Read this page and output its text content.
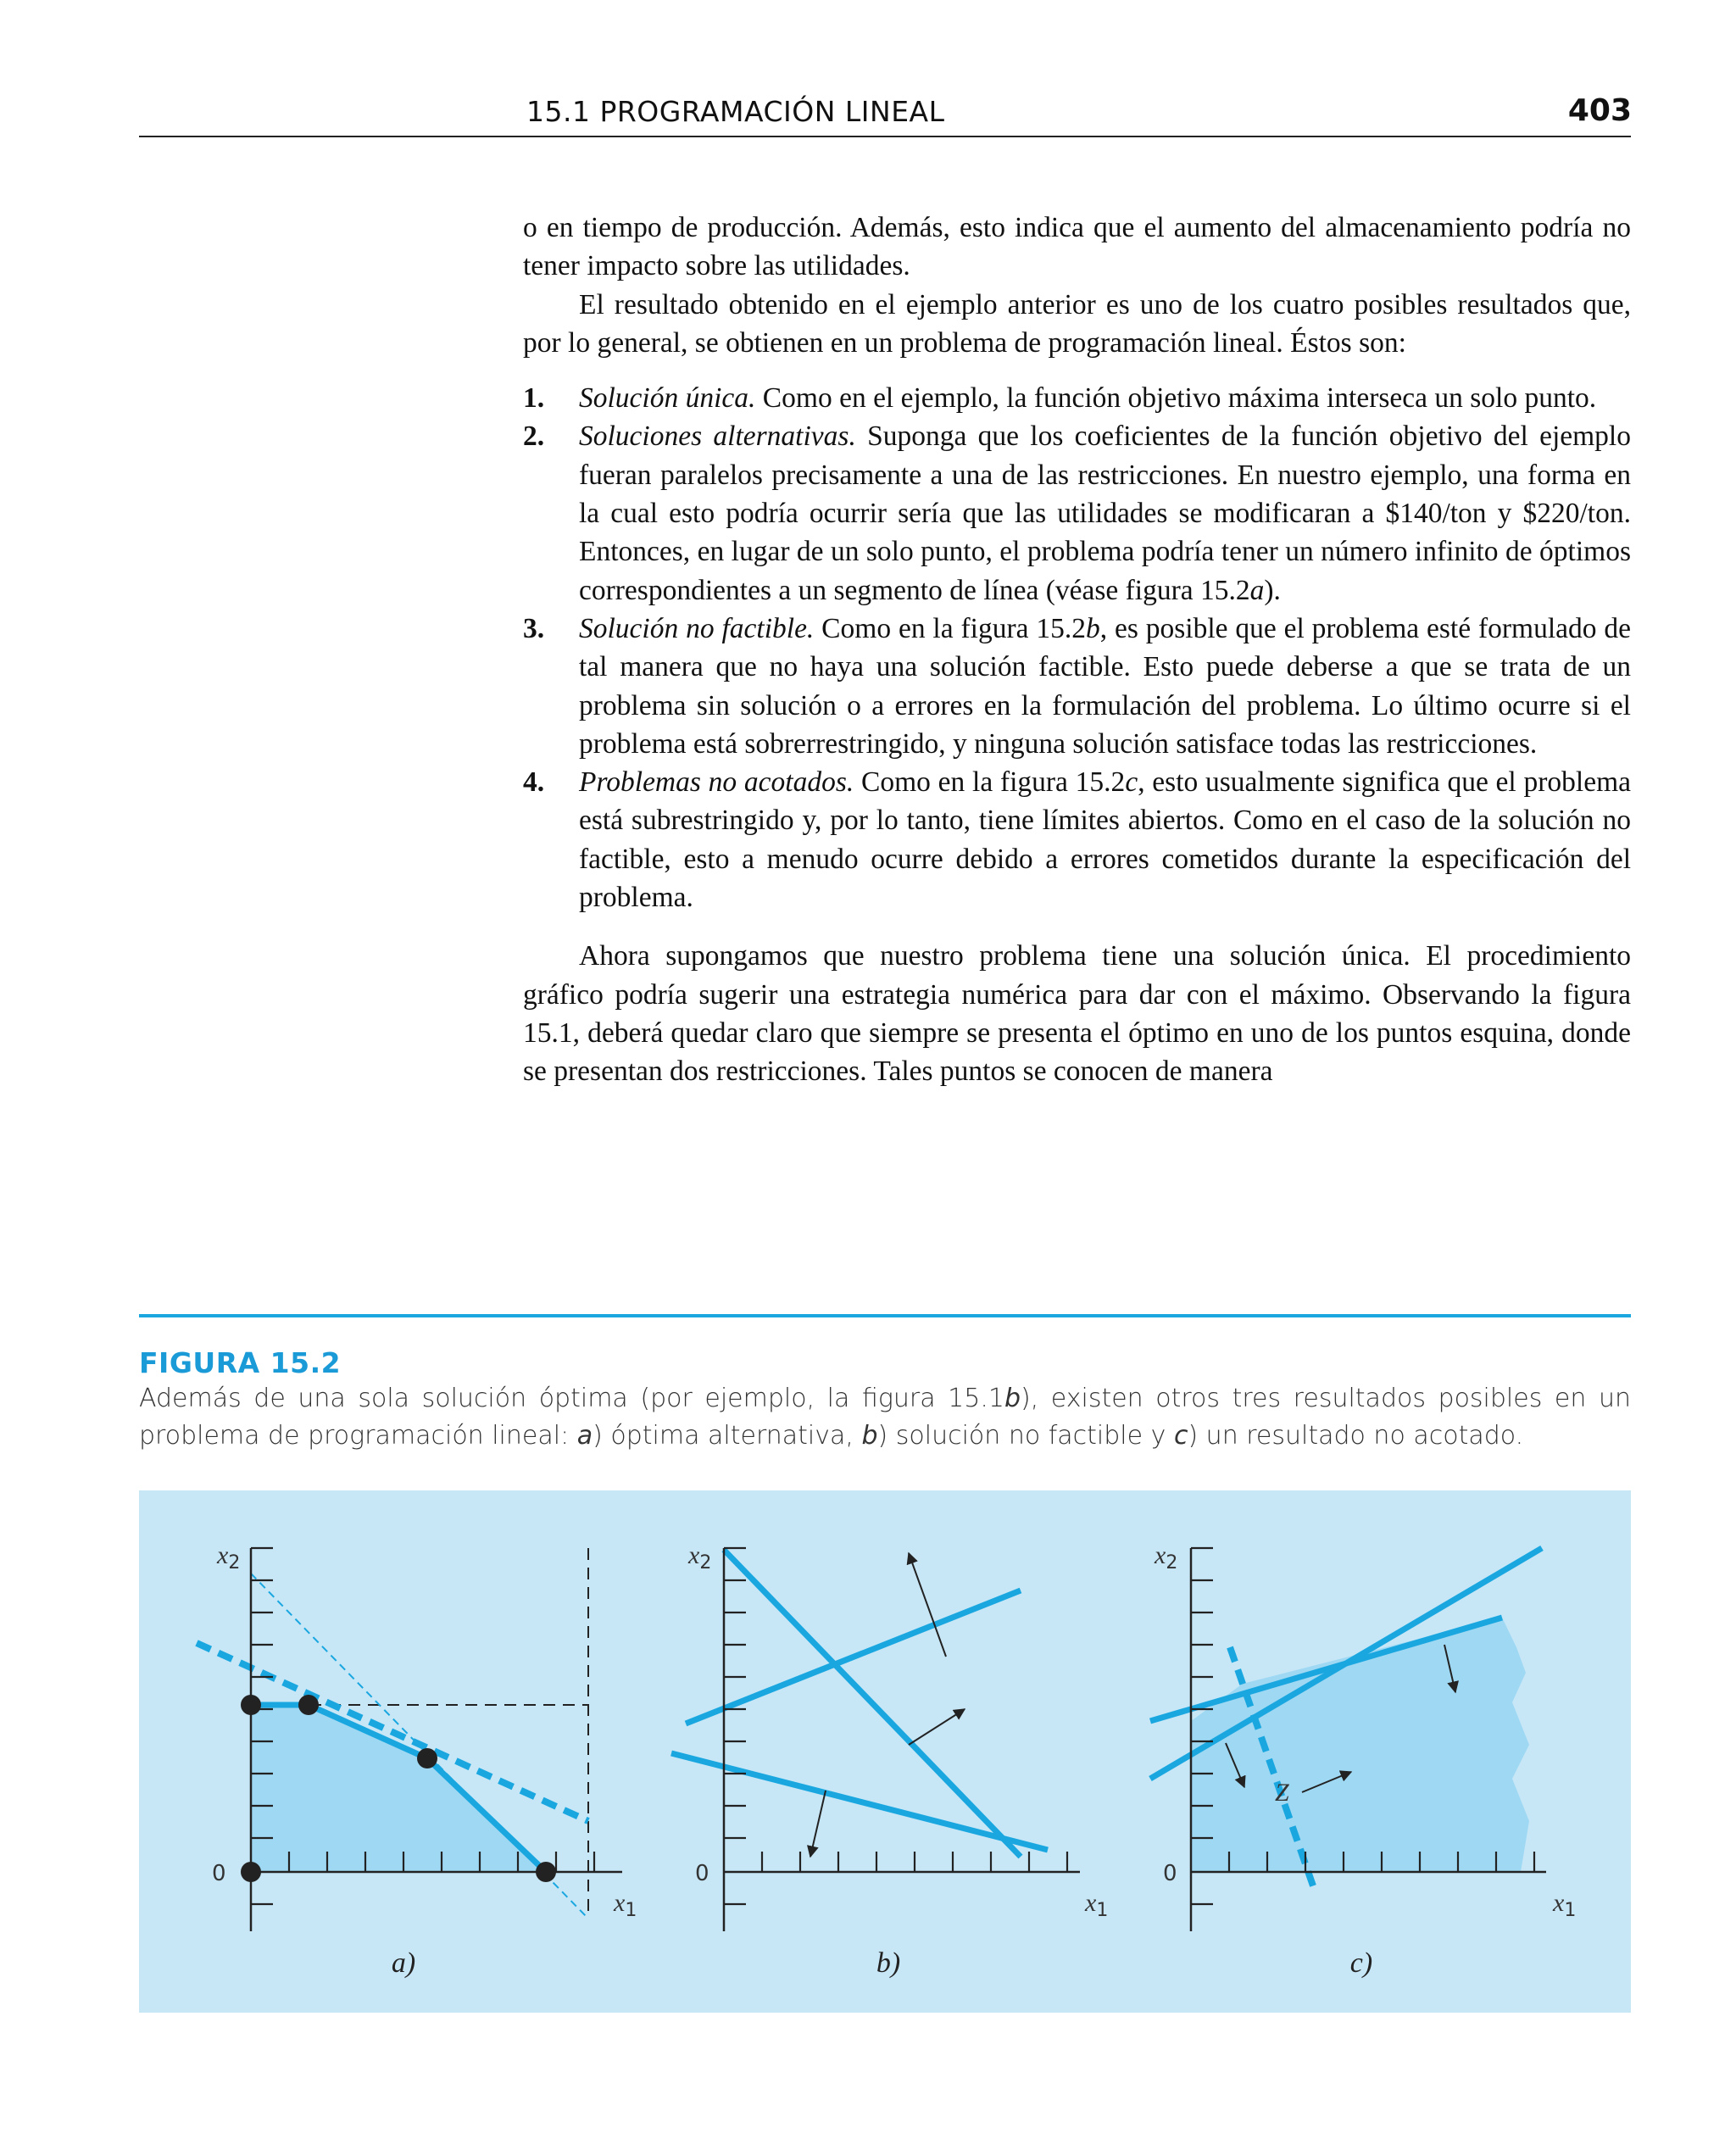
15.1 PROGRAMACIÓN LINEAL	403

o en tiempo de producción. Además, esto indica que el aumento del almacenamiento podría no tener impacto sobre las utilidades.

El resultado obtenido en el ejemplo anterior es uno de los cuatro posibles resultados que, por lo general, se obtienen en un problema de programación lineal. Éstos son:

1. Solución única. Como en el ejemplo, la función objetivo máxima interseca un solo punto.
2. Soluciones alternativas. Suponga que los coeficientes de la función objetivo del ejemplo fueran paralelos precisamente a una de las restricciones. En nuestro ejemplo, una forma en la cual esto podría ocurrir sería que las utilidades se modificaran a $140/ton y $220/ton. Entonces, en lugar de un solo punto, el problema podría tener un número infinito de óptimos correspondientes a un segmento de línea (véase figura 15.2a).
3. Solución no factible. Como en la figura 15.2b, es posible que el problema esté formulado de tal manera que no haya una solución factible. Esto puede deberse a que se trata de un problema sin solución o a errores en la formulación del problema. Lo último ocurre si el problema está sobrerrestringido, y ninguna solución satisface todas las restricciones.
4. Problemas no acotados. Como en la figura 15.2c, esto usualmente significa que el problema está subrestringido y, por lo tanto, tiene límites abiertos. Como en el caso de la solución no factible, esto a menudo ocurre debido a errores cometidos durante la especificación del problema.

Ahora supongamos que nuestro problema tiene una solución única. El procedimiento gráfico podría sugerir una estrategia numérica para dar con el máximo. Observando la figura 15.1, deberá quedar claro que siempre se presenta el óptimo en uno de los puntos esquina, donde se presentan dos restricciones. Tales puntos se conocen de manera

FIGURA 15.2
Además de una sola solución óptima (por ejemplo, la figura 15.1b), existen otros tres resultados posibles en un problema de programación lineal: a) óptima alternativa, b) solución no factible y c) un resultado no acotado.
$x_2$
$x_1$
0
a)
$x_2$
$x_1$
0
b)
Z
$x_2$
$x_1$
0
c)
